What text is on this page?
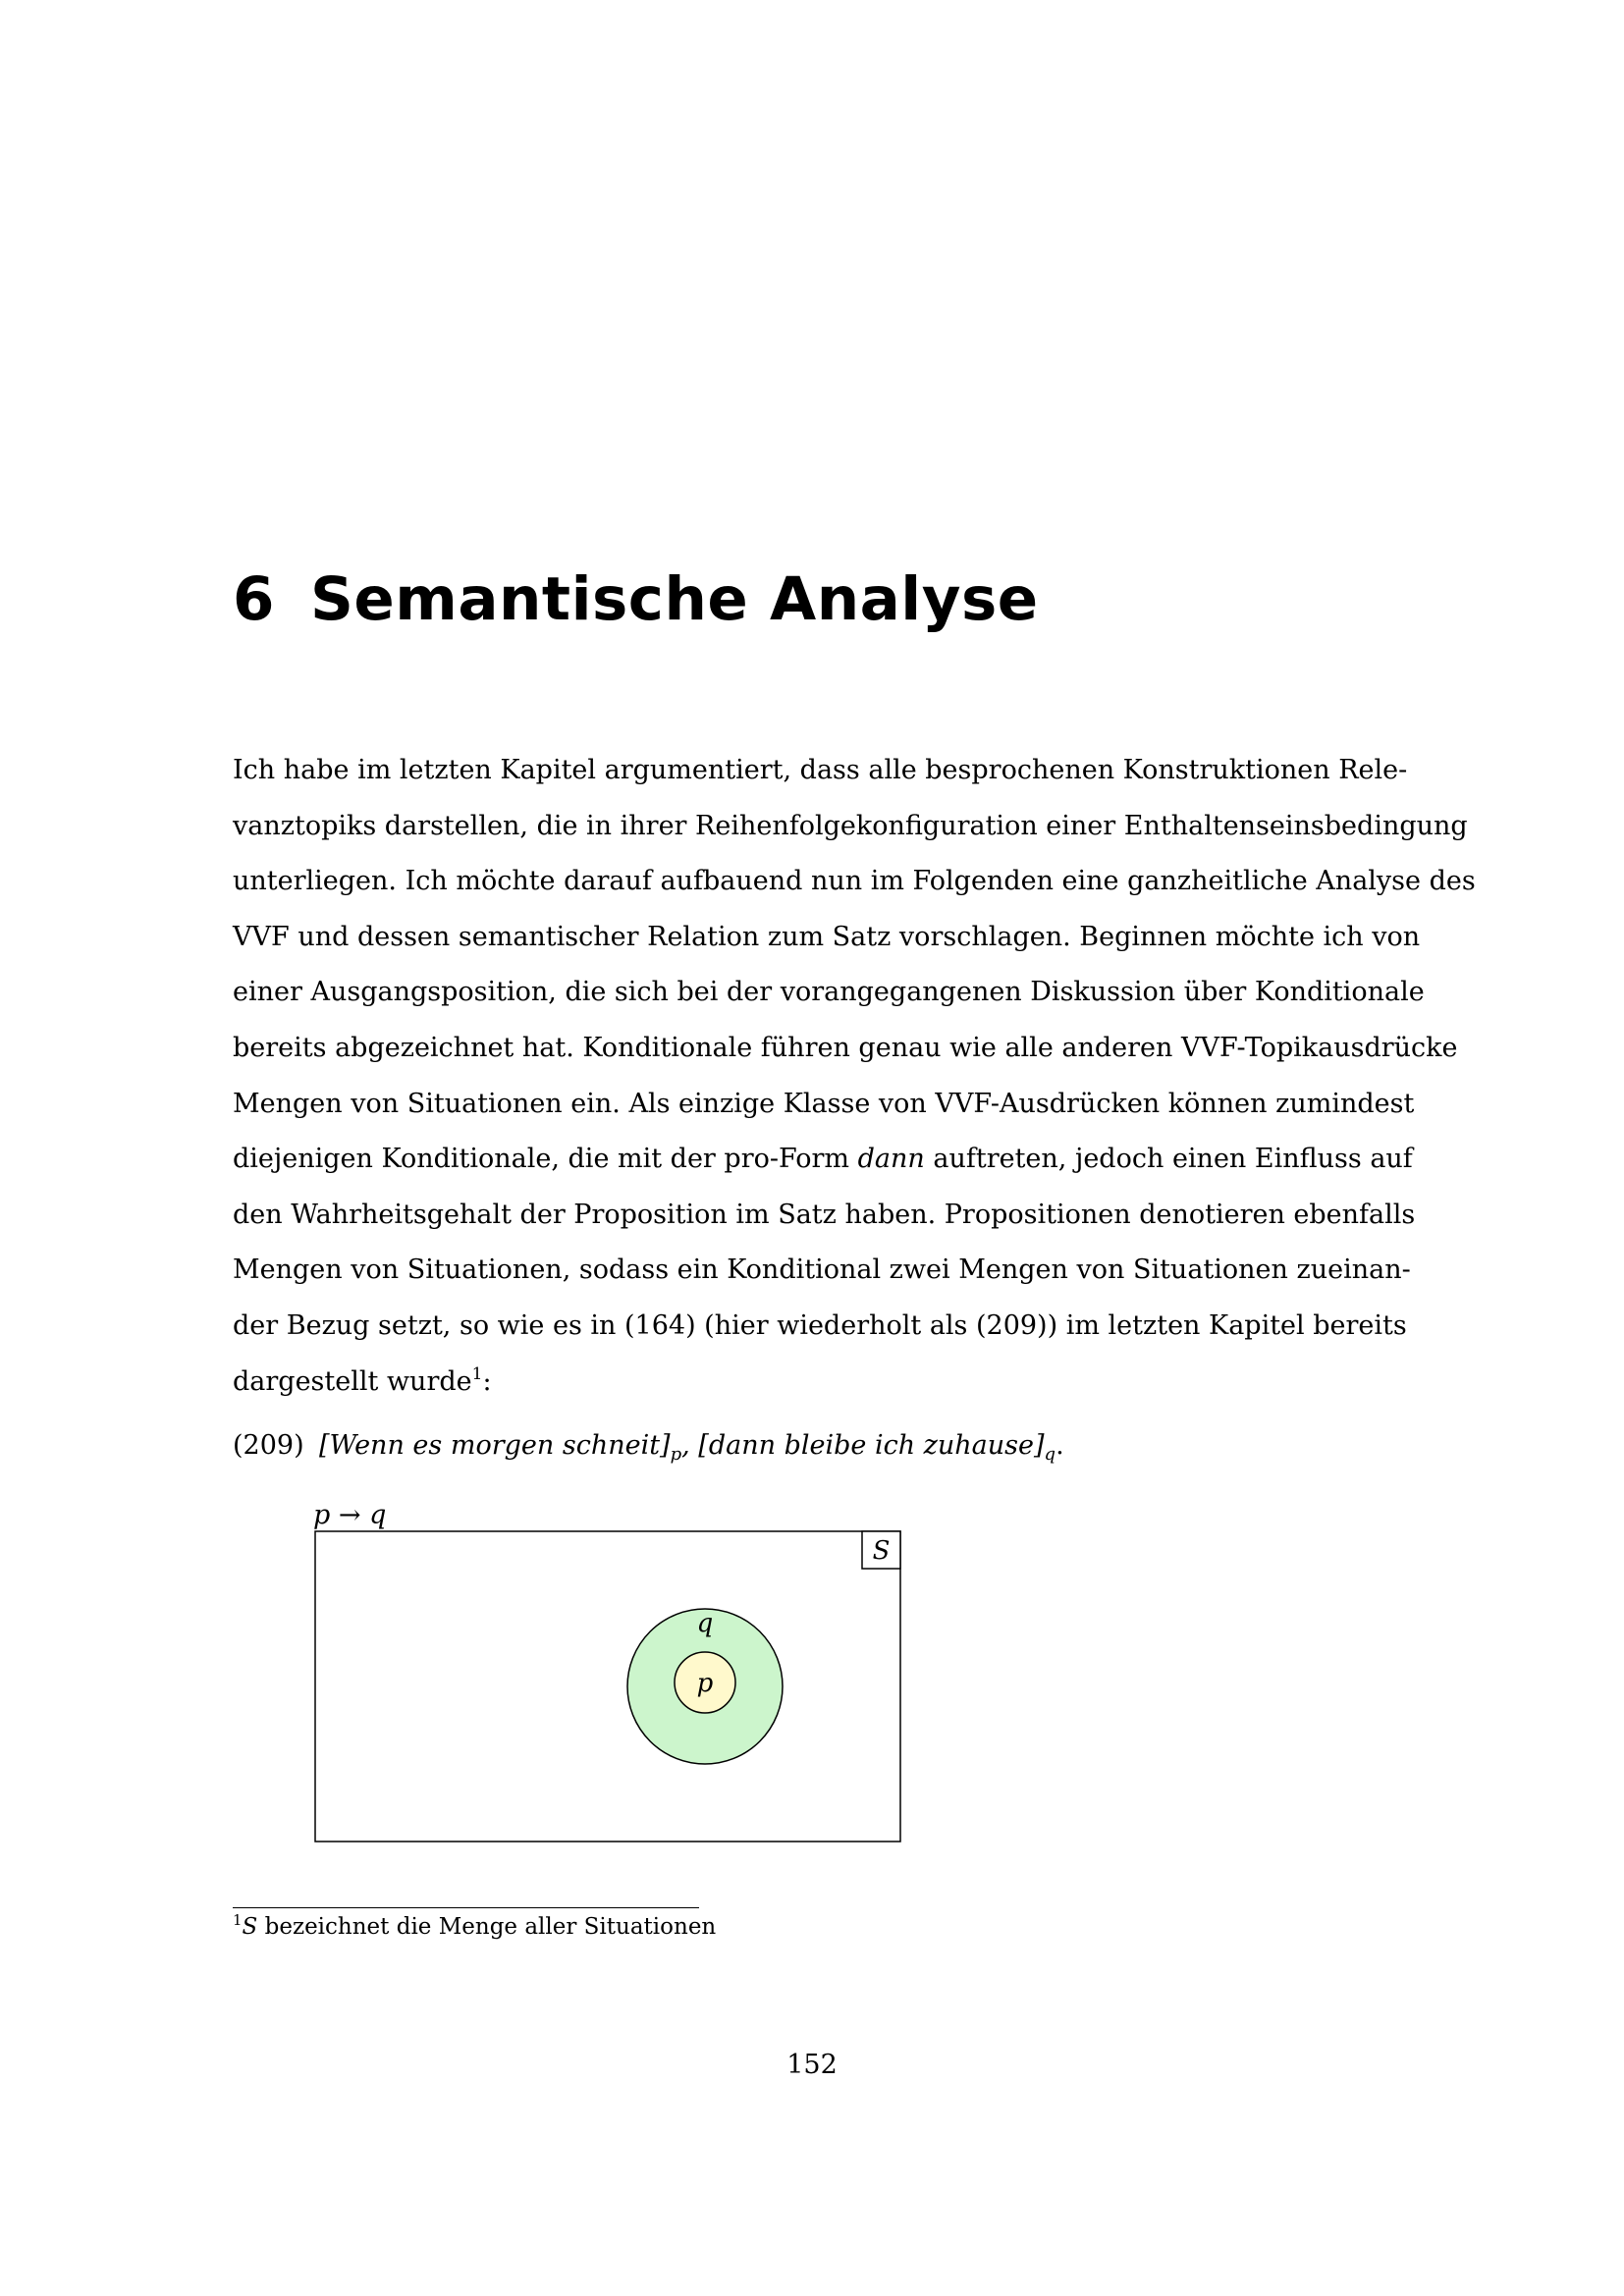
6 Semantische Analyse
Ich habe im letzten Kapitel argumentiert, dass alle besprochenen Konstruktionen Rele-
vanztopiks darstellen, die in ihrer Reihenfolgekonfiguration einer Enthaltenseinsbedingung
unterliegen. Ich möchte darauf aufbauend nun im Folgenden eine ganzheitliche Analyse des
VVF und dessen semantischer Relation zum Satz vorschlagen. Beginnen möchte ich von
einer Ausgangsposition, die sich bei der vorangegangenen Diskussion über Konditionale
bereits abgezeichnet hat. Konditionale führen genau wie alle anderen VVF-Topikausdrücke
Mengen von Situationen ein. Als einzige Klasse von VVF-Ausdrücken können zumindest
diejenigen Konditionale, die mit der pro-Form dann auftreten, jedoch einen Einfluss auf
den Wahrheitsgehalt der Proposition im Satz haben. Propositionen denotieren ebenfalls
Mengen von Situationen, sodass ein Konditional zwei Mengen von Situationen zueinan-
der Bezug setzt, so wie es in (164) (hier wiederholt als (209)) im letzten Kapitel bereits
dargestellt wurde$^1$:
(209) [Wenn es morgen $schneit]_p$, [dann bleibe ich $zuhause]_q$.
p → q
S
q
p
$^1$S bezeichnet die Menge aller Situationen
152
